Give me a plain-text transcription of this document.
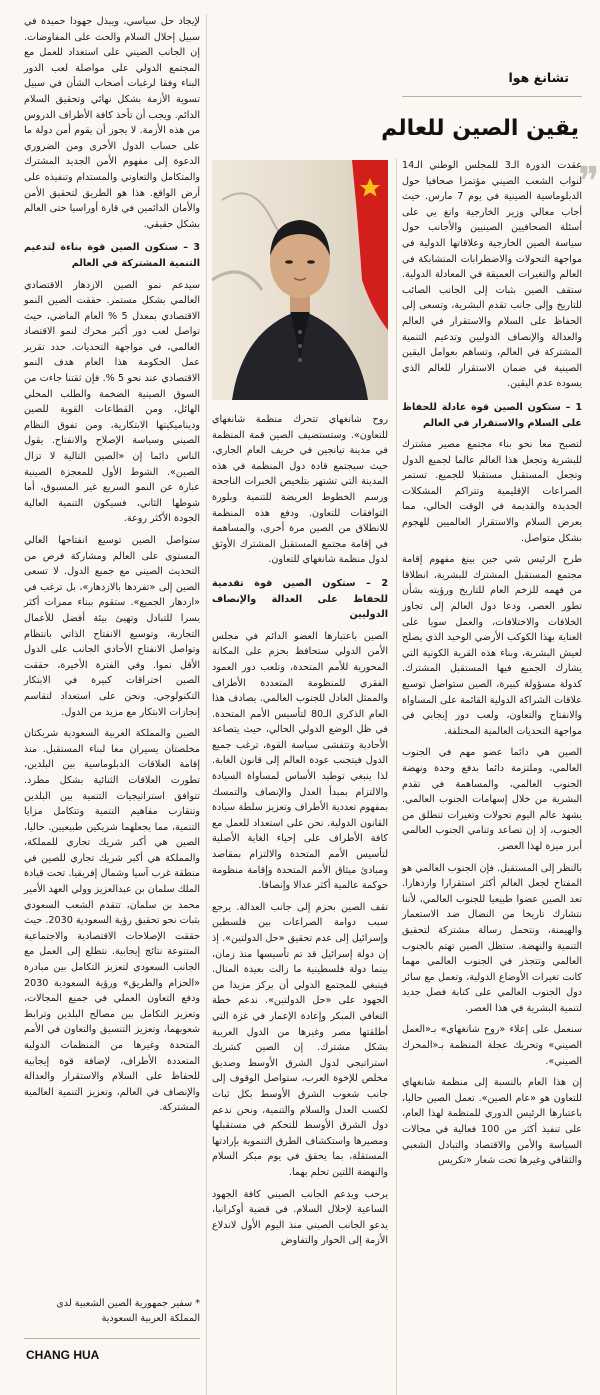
تشانغ هوا
يقين الصين للعالم
❞

عقدت الدورة الـ3 للمجلس الوطني الـ14 لنواب الشعب الصيني مؤتمرا صحافيا حول الدبلوماسية الصينية في يوم 7 مارس. حيث أجاب معالي وزير الخارجية وانغ يي على أسئلة الصحافيين الصينيين والأجانب حول سياسة الصين الخارجية وعلاقاتها الدولية في مواجهة التحولات والاضطرابات المتشابكة في العالم والتغيرات العميقة في المعادلة الدولية. ستقف الصين بثبات إلى الجانب الصائب للتاريخ وإلى جانب تقدم البشرية، وتسعى إلى الحفاظ على السلام والاستقرار في العالم والعدالة والإنصاف الدوليين وتدعيم التنمية المشتركة في العالم، وتساهم بعوامل اليقين الصينية في ضمان الاستقرار للعالم الذي يسوده عدم اليقين.

1 – ستكون الصين قوة عادلة للحفاظ على السلام والاستقرار في العالم

لتصبح معا نحو بناء مجتمع مصير مشترك للبشرية وتجعل هذا العالم عالما لجميع الدول وتجعل المستقبل مستقبلا للجميع. تستمر الصراعات الإقليمية وتتراكم المشكلات الجديدة والقديمة في الوقت الحالي، مما يعرض السلام والاستقرار العالميين للهجوم بشكل متواصل.

طرح الرئيس شي جين بينغ مفهوم إقامة مجتمع المستقبل المشترك للبشرية، انطلاقا من فهمه للزخم العام للتاريخ ورؤيته بشأن تطور العصر، ودعا دول العالم إلى تجاوز الخلافات والاختلافات، والعمل سويا على العناية بهذا الكوكب الأرضي الوحيد الذي يصلح لعيش البشرية، وبناء هذه القرية الكونية التي يشارك الجميع فيها المستقبل المشترك. كدولة مسؤولة كبيرة، الصين ستواصل توسيع علاقات الشراكة الدولية القائمة على المساواة والانفتاح والتعاون، ولعب دور إيجابي في مواجهة التحديات العالمية المختلفة.

الصين هي دائما عضو مهم في الجنوب العالمي، وملتزمة دائما بدفع وحدة ونهضة الجنوب العالمي، والمساهمة في تقدم البشرية من خلال إسهامات الجنوب العالمي. يشهد عالم اليوم تحولات وتغيرات تنطلق من الجنوب، إذ إن تصاعد وتنامي الجنوب العالمي أبرز ميزة لهذا العصر.

بالنظر إلى المستقبل. فإن الجنوب العالمي هو المفتاح لجعل العالم أكثر استقرارا وازدهارا. تعد الصين عضوا طبيعيا للجنوب العالمي، لأننا نتشارك تاريخا من النضال ضد الاستعمار والهيمنة، ونتحمل رسالة مشتركة لتحقيق التنمية والنهضة. ستظل الصين تهتم بالجنوب العالمي وتتجذر في الجنوب العالمي مهما كانت تغيرات الأوضاع الدولية، وتعمل مع سائر دول الجنوب العالمي على كتابة فصل جديد لتنمية البشرية في هذا العصر.

سنعمل على إعلاء «روح شانغهاي» بـ«العمل الصيني» وتحريك عجلة المنظمة بـ«المحرك الصيني».

إن هذا العام بالنسبة إلى منظمة شانغهاي للتعاون هو «عام الصين». تعمل الصين حاليا، باعتبارها الرئيس الدوري للمنظمة لهذا العام، على تنفيذ أكثر من 100 فعالية في مجالات السياسة والأمن والاقتصاد والتبادل الشعبي والثقافي وغيرها تحت شعار «تكريس

روح شانغهاي تتحرك منظمة شانغهاي للتعاون». وستستضيف الصين قمة المنظمة في مدينة تيانجين في خريف العام الجاري، حيث سيجتمع قادة دول المنظمة في هذه المدينة التي تشتهر بتلخيص الخبرات الناجحة ورسم الخطوط العريضة للتنمية وبلورة التوافقات للتعاون. ودفع هذه المنظمة للانطلاق من الصين مرة أخرى، والمساهمة في إقامة مجتمع المستقبل المشترك الأوثق لدول منظمة شانغهاي للتعاون.

2 – ستكون الصين قوة تقدمية للحفاظ على العدالة والإنصاف الدوليين

الصين باعتبارها العضو الدائم في مجلس الأمن الدولي ستحافظ بحزم على المكانة المحورية للأمم المتحدة، وتلعب دور العمود الفقري للمنظومة المتعددة الأطراف والممثل العادل للجنوب العالمي. يصادف هذا العام الذكرى الـ80 لتأسيس الأمم المتحدة. في ظل الوضع الدولي الحالي، حيث يتصاعد الأحادية وتتفشى سياسة القوة، ترغب جميع الدول فيتجنب عودة العالم إلى قانون الغابة. لذا ينبغي توطيد الأساس لمساواة السيادة والالتزام بمبدأ العدل والإنصاف والتمسك بمفهوم تعددية الأطراف وتعزيز سلطة سيادة القانون الدولية. نحن على استعداد للعمل مع كافة الأطراف على إحياء الغاية الأصلية لتأسيس الأمم المتحدة والالتزام بمقاصد ومبادئ ميثاق الأمم المتحدة وإقامة منظومة حوكمة عالمية أكثر عدالا وإنصافا.

تقف الصين بحزم إلى جانب العدالة. يرجع سبب دوامة الصراعات بين فلسطين وإسرائيل إلى عدم تحقيق «حل الدولتين». إذ إن دولة إسرائيل قد تم تأسيسها منذ زمان، بينما دولة فلسطينية ما زالت بعيدة المنال. فينبغي للمجتمع الدولي أن يركز مزيدا من الجهود على «حل الدولتين». ندعم خطة التعافي المبكر وإعادة الإعمار في غزة التي أطلقتها مصر وغيرها من الدول العربية بشكل مشترك. إن الصين كشريك استراتيجي لدول الشرق الأوسط وصديق مخلص للإخوة العرب، ستواصل الوقوف إلى جانب شعوب الشرق الأوسط بكل ثبات لكسب العدل والسلام والتنمية، ونحن ندعم دول الشرق الأوسط للتحكم في مستقبلها ومصيرها واستكشاف الطرق التنموية بإرادتها المستقلة، بما يحقق في يوم مبكر السلام والنهضة اللتين تحلم بهما.

يرحب ويدعم الجانب الصيني كافة الجهود الساعية لإحلال السلام. في قضية أوكرانيا، يدعو الجانب الصيني منذ اليوم الأول لاندلاع الأزمة إلى الحوار والتفاوض

لإيجاد حل سياسي، ويبذل جهودا حميدة في سبيل إحلال السلام والحث على المفاوضات. إن الجانب الصيني على استعداد للعمل مع المجتمع الدولي على مواصلة لعب الدور البناء وفقا لرغبات أصحاب الشأن في سبيل تسوية الأزمة بشكل نهائي وتحقيق السلام الدائم. ويجب أن تأخذ كافة الأطراف الدروس من هذه الأزمة. لا يجوز أن يقوم أمن دولة ما على حساب الدول الأخرى ومن الضروري الدعوة إلى مفهوم الأمن الجديد المشترك والمتكامل والتعاوني والمستدام وتنفيذه على أرض الواقع. هذا هو الطريق لتحقيق الأمن والأمان الدائمين في قارة أوراسيا حتى العالم بشكل حقيقي.

3 – ستكون الصين قوة بناءة لتدعيم التنمية المشتركة في العالم

سيدعم نمو الصين الازدهار الاقتصادي العالمي بشكل مستمر. حققت الصين النمو الاقتصادي بمعدل 5 % العام الماضي، حيث تواصل لعب دور أكبر محرك لنمو الاقتصاد العالمي، في مواجهة التحديات. حدد تقرير عمل الحكومة هذا العام هدف النمو الاقتصادي عند نحو 5 %. فإن ثقتنا جاءت من السوق الصينية الضخمة والطلب المحلي الهائل، ومن القطاعات القوية للصين وديناميكيتها الابتكارية، ومن تفوق النظام الصيني وسياسة الإصلاح والانفتاح. يقول الناس دائما إن «الصين التالية لا تزال الصين». الشوط الأول للمعجزة الصينية عبارة عن النمو السريع غير المسبوق، أما شوطها الثاني، فسيكون التنمية العالية الجودة الأكثر روعة.

ستواصل الصين توسيع انفتاحها العالي المستوى على العالم ومشاركة فرص من التحديث الصيني مع جميع الدول. لا تسعى الصين إلى «تفردها بالازدهار»، بل ترغب في «ازدهار الجميع». ستقوم ببناء ممرات أكثر يسرا للتبادل وتهيئ بيئة أفضل للأعمال التجارية، وتوسيع الانفتاح الذاتي بانتظام وتواصل الانفتاح الأحادي الجانب على الدول الأقل نموا. وفي الفترة الأخيرة، حققت الصين اختراقات كبيرة في الابتكار التكنولوجي. ونحن على استعداد لتقاسم إنجازات الابتكار مع مزيد من الدول.

الصين والمملكة العربية السعودية شريكتان مخلصتان يسيران معا لبناء المستقبل. منذ إقامة العلاقات الدبلوماسية بين البلدين، تطورت العلاقات الثنائية بشكل مطرد. تتوافق استراتيجيات التنمية بين البلدين وتتقارب مفاهيم التنمية وتتكامل مزايا التنمية، مما يجعلهما شريكين طبيعيين. حاليا، الصين هي أكبر شريك تجاري للمملكة، والمملكة هي أكبر شريك تجاري للصين في منطقة غرب آسيا وشمال إفريقيا. تحت قيادة الملك سلمان بن عبدالعزيز وولي العهد الأمير محمد بن سلمان، تتقدم الشعب السعودي بثبات نحو تحقيق رؤية السعودية 2030. حيث حققت الإصلاحات الاقتصادية والاجتماعية المتنوعة نتائج إيجابية. نتطلع إلى العمل مع الجانب السعودي لتعزيز التكامل بين مبادرة «الحزام والطريق» ورؤية السعودية 2030 ودفع التعاون العملي في جميع المجالات، وتعزيز التكامل بين مصالح البلدين وترابط شعوبهما، وتعزيز التنسيق والتعاون في الأمم المتحدة وغيرها من المنظمات الدولية المتعددة الأطراف، لإضافة قوة إيجابية للحفاظ على السلام والاستقرار والعدالة والإنصاف في العالم، وتعزيز التنمية العالمية المشتركة.

* سفير جمهورية الصين الشعبية لدى المملكة العربية السعودية
CHANG HUA
